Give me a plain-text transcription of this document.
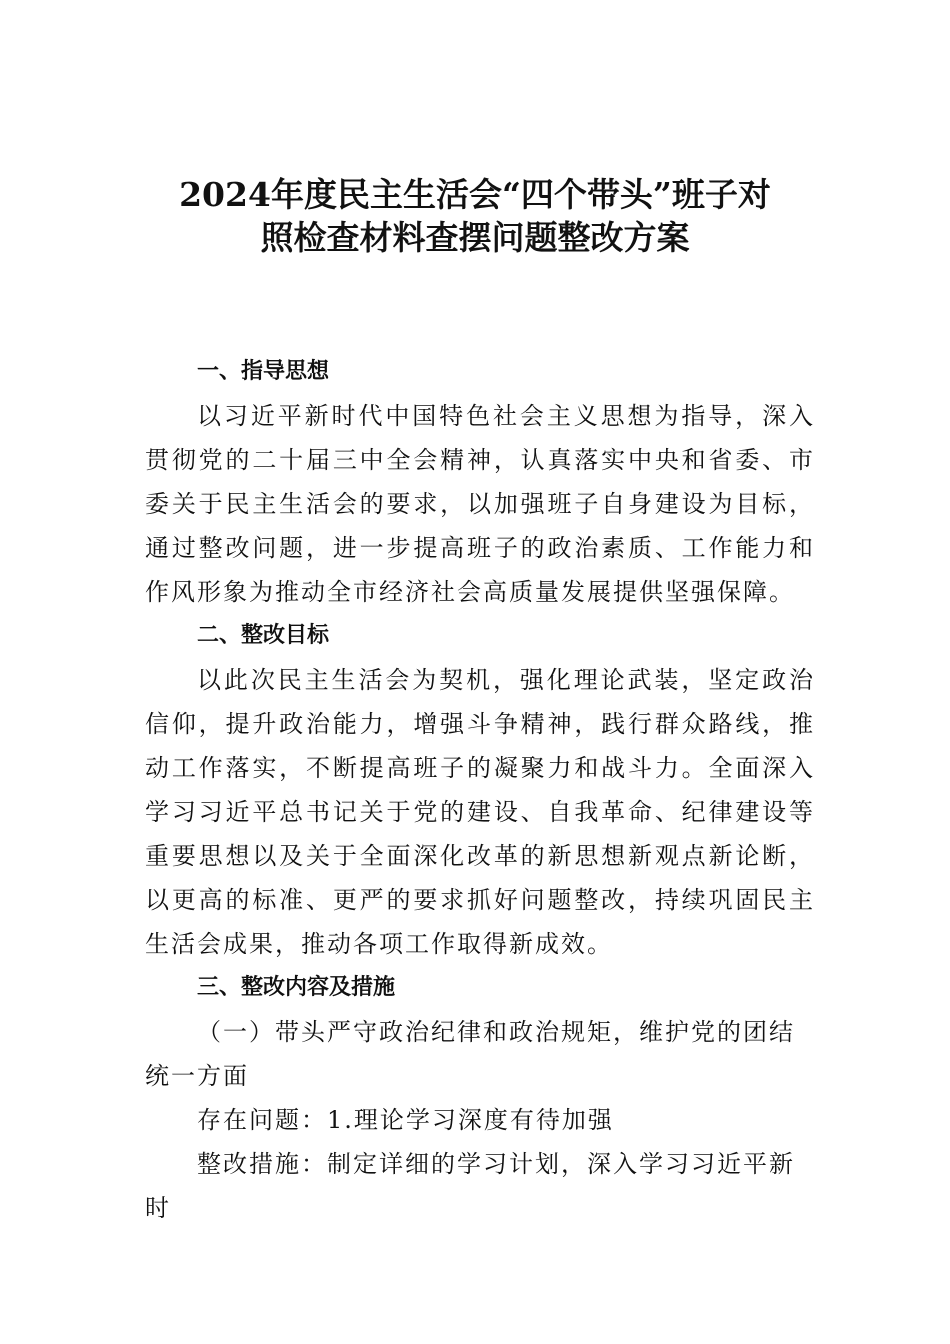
2024年度民主生活会“四个带头”班子对
照检查材料查摆问题整改方案
一、指导思想

以习近平新时代中国特色社会主义思想为指导，深入贯彻党的二十届三中全会精神，认真落实中央和省委、市委关于民主生活会的要求，以加强班子自身建设为目标，通过整改问题，进一步提高班子的政治素质、工作能力和作风形象为推动全市经济社会高质量发展提供坚强保障。

二、整改目标

以此次民主生活会为契机，强化理论武装，坚定政治信仰，提升政治能力，增强斗争精神，践行群众路线，推动工作落实，不断提高班子的凝聚力和战斗力。全面深入学习习近平总书记关于党的建设、自我革命、纪律建设等重要思想以及关于全面深化改革的新思想新观点新论断，以更高的标准、更严的要求抓好问题整改，持续巩固民主生活会成果，推动各项工作取得新成效。

三、整改内容及措施

（一）带头严守政治纪律和政治规矩，维护党的团结统一方面

存在问题：1.理论学习深度有待加强

整改措施：制定详细的学习计划，深入学习习近平新时
